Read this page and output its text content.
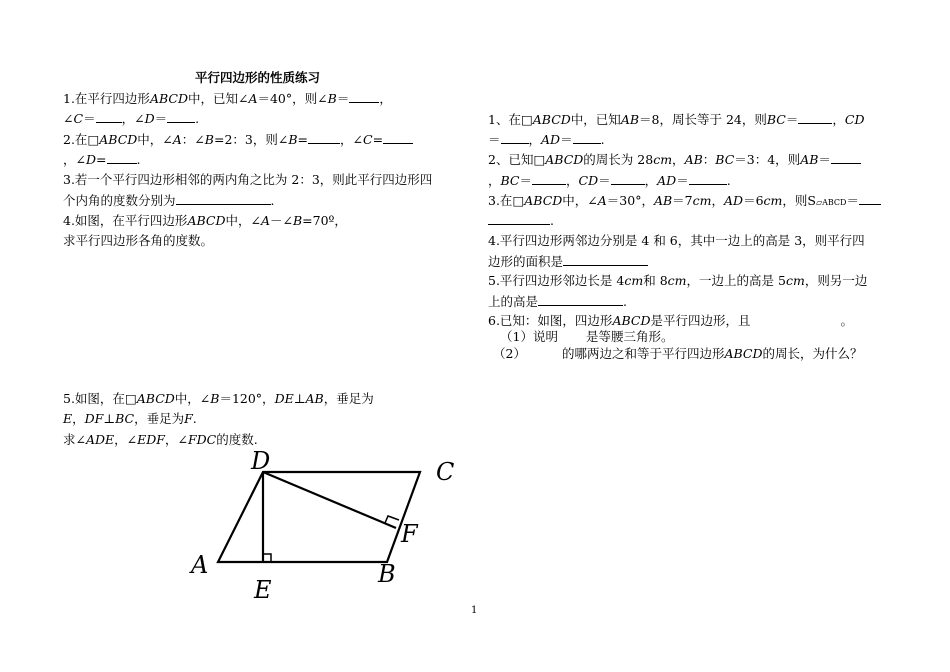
平行四边形的性质练习
1.在平行四边形ABCD中，已知∠A＝40°，则∠B＝ ，
∠C＝ ，∠D＝ .
2.在□ABCD中，∠A：∠B=2：3，则∠B=	，∠C=
，∠D= .
3.若一个平行四边形相邻的两内角之比为 2：3，则此平行四边形四
个内角的度数分别为	.
4.如图，在平行四边形ABCD中，∠A－∠B=70º，
求平行四边形各角的度数。
5.如图，在□ABCD中，∠B＝120°，DE⊥AB，垂足为
E，DF⊥BC，垂足为F.
求∠ADE，∠EDF，∠FDC的度数.
1、在□ABCD中，已知AB＝8，周长等于 24，则BC＝	，CD
＝ ，AD＝ .
2、已知□ABCD的周长为 28cm，AB：BC＝3：4，则AB＝
，BC＝	，CD＝	，AD＝	.
3.在□ABCD中，∠A＝30°，AB＝7cm，AD＝6cm，则S▱ABCD＝
.
4.平行四边形两邻边分别是 4 和 6，其中一边上的高是 3，则平行四
边形的面积是
5.平行四边形邻边长是 4cm和 8cm，一边上的高是 5cm，则另一边
上的高是	.
6.已知：如图，四边形ABCD是平行四边形，且	。
（1）说明 是等腰三角形。
（2）	的哪两边之和等于平行四边形ABCD的周长，为什么？
A	B
C
D
E
F
1
